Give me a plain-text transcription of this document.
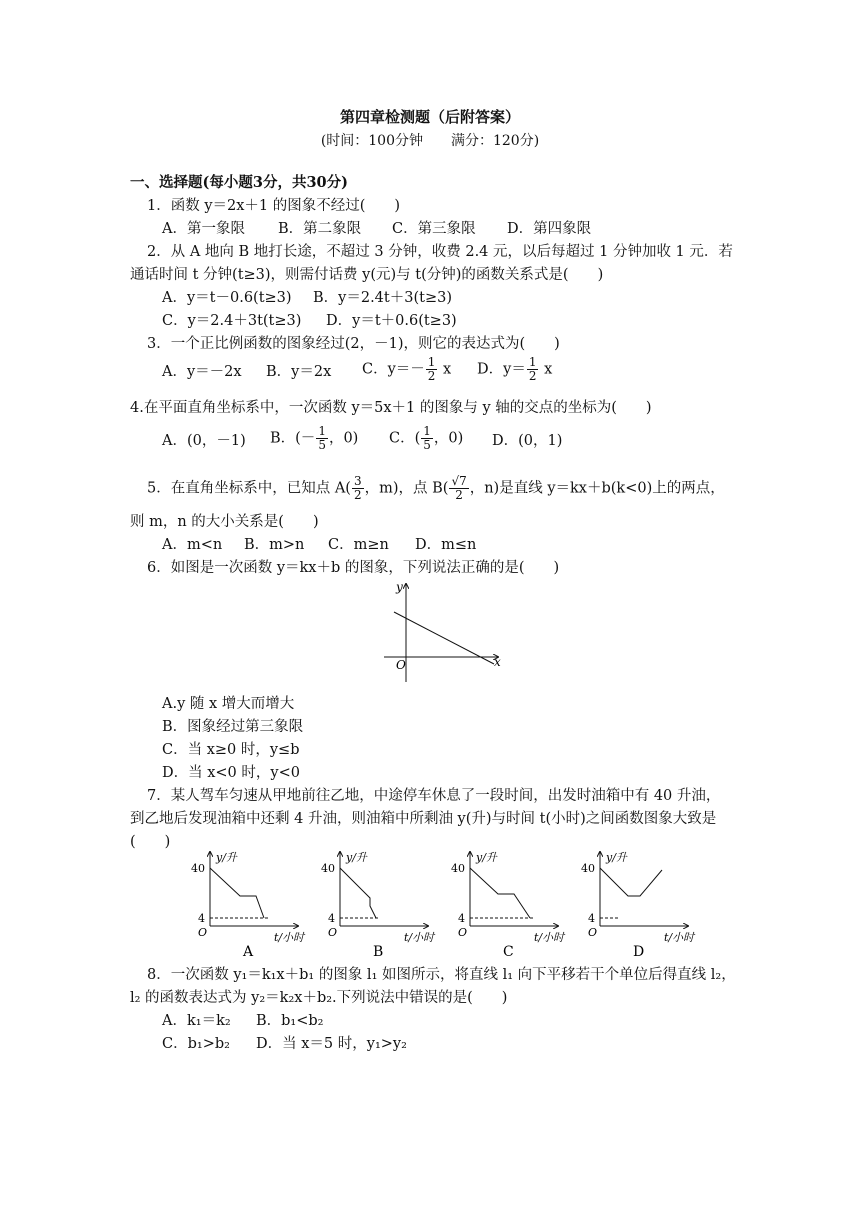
第四章检测题（后附答案）
(时间：100分钟　　满分：120分)
一、选择题(每小题3分，共30分)
1．函数 y＝2x＋1 的图象不经过(　　)
A．第一象限 B．第二象限 C．第三象限 D．第四象限
2．从 A 地向 B 地打长途，不超过 3 分钟，收费 2.4 元，以后每超过 1 分钟加收 1 元．若
通话时间 t 分钟(t≥3)，则需付话费 y(元)与 t(分钟)的函数关系式是(　　)
A．y＝t－0.6(t≥3) B．y＝2.4t＋3(t≥3)
C．y＝2.4＋3t(t≥3) D．y＝t＋0.6(t≥3)
3．一个正比例函数的图象经过(2，－1)，则它的表达式为(　　)
A．y＝－2x B．y＝2x C．$y=- \frac{1}{2}$ x D．$y= \frac{1}{2}$ x
4.在平面直角坐标系中，一次函数 y＝5x＋1 的图象与 y 轴的交点的坐标为(　　)
A．(0，－1) B．(－ $\frac{1}{5}$ ，0) C．( $\frac{1}{5}$ ，0) D．(0，1)
5．在直角坐标系中，已知点 $A( \frac{3}{2}$ ，m)，点 $B( \frac{√7}{2}$ ，n)是直线 y＝kx＋b(k<0)上的两点，
则 m，n 的大小关系是(　　)
A．m<n B．m>n C．m≥n D．m≤n
6．如图是一次函数 y＝kx＋b 的图象，下列说法正确的是(　　)
y
x
O
A.y 随 x 增大而增大
B．图象经过第三象限
C．当 x≥0 时，y≤b
D．当 x<0 时，y<0
7．某人驾车匀速从甲地前往乙地，中途停车休息了一段时间，出发时油箱中有 40 升油，
到乙地后发现油箱中还剩 4 升油，则油箱中所剩油 y(升)与时间 t(小时)之间函数图象大致是
(　　)
y/升
40
4
O	t/小时
A
y/升
40
4
O	t/小时
B
y/升
40
4
O	t/小时
C
y/升
40
4
O	t/小时
D
8．一次函数 y₁＝k₁x＋b₁ 的图象 l₁ 如图所示，将直线 l₁ 向下平移若干个单位后得直线 l₂，
l₂ 的函数表达式为 y₂＝k₂x＋b₂.下列说法中错误的是(　　)
A．k₁＝k₂ B．b₁<b₂
C．b₁>b₂ D．当 x＝5 时，y₁>y₂
